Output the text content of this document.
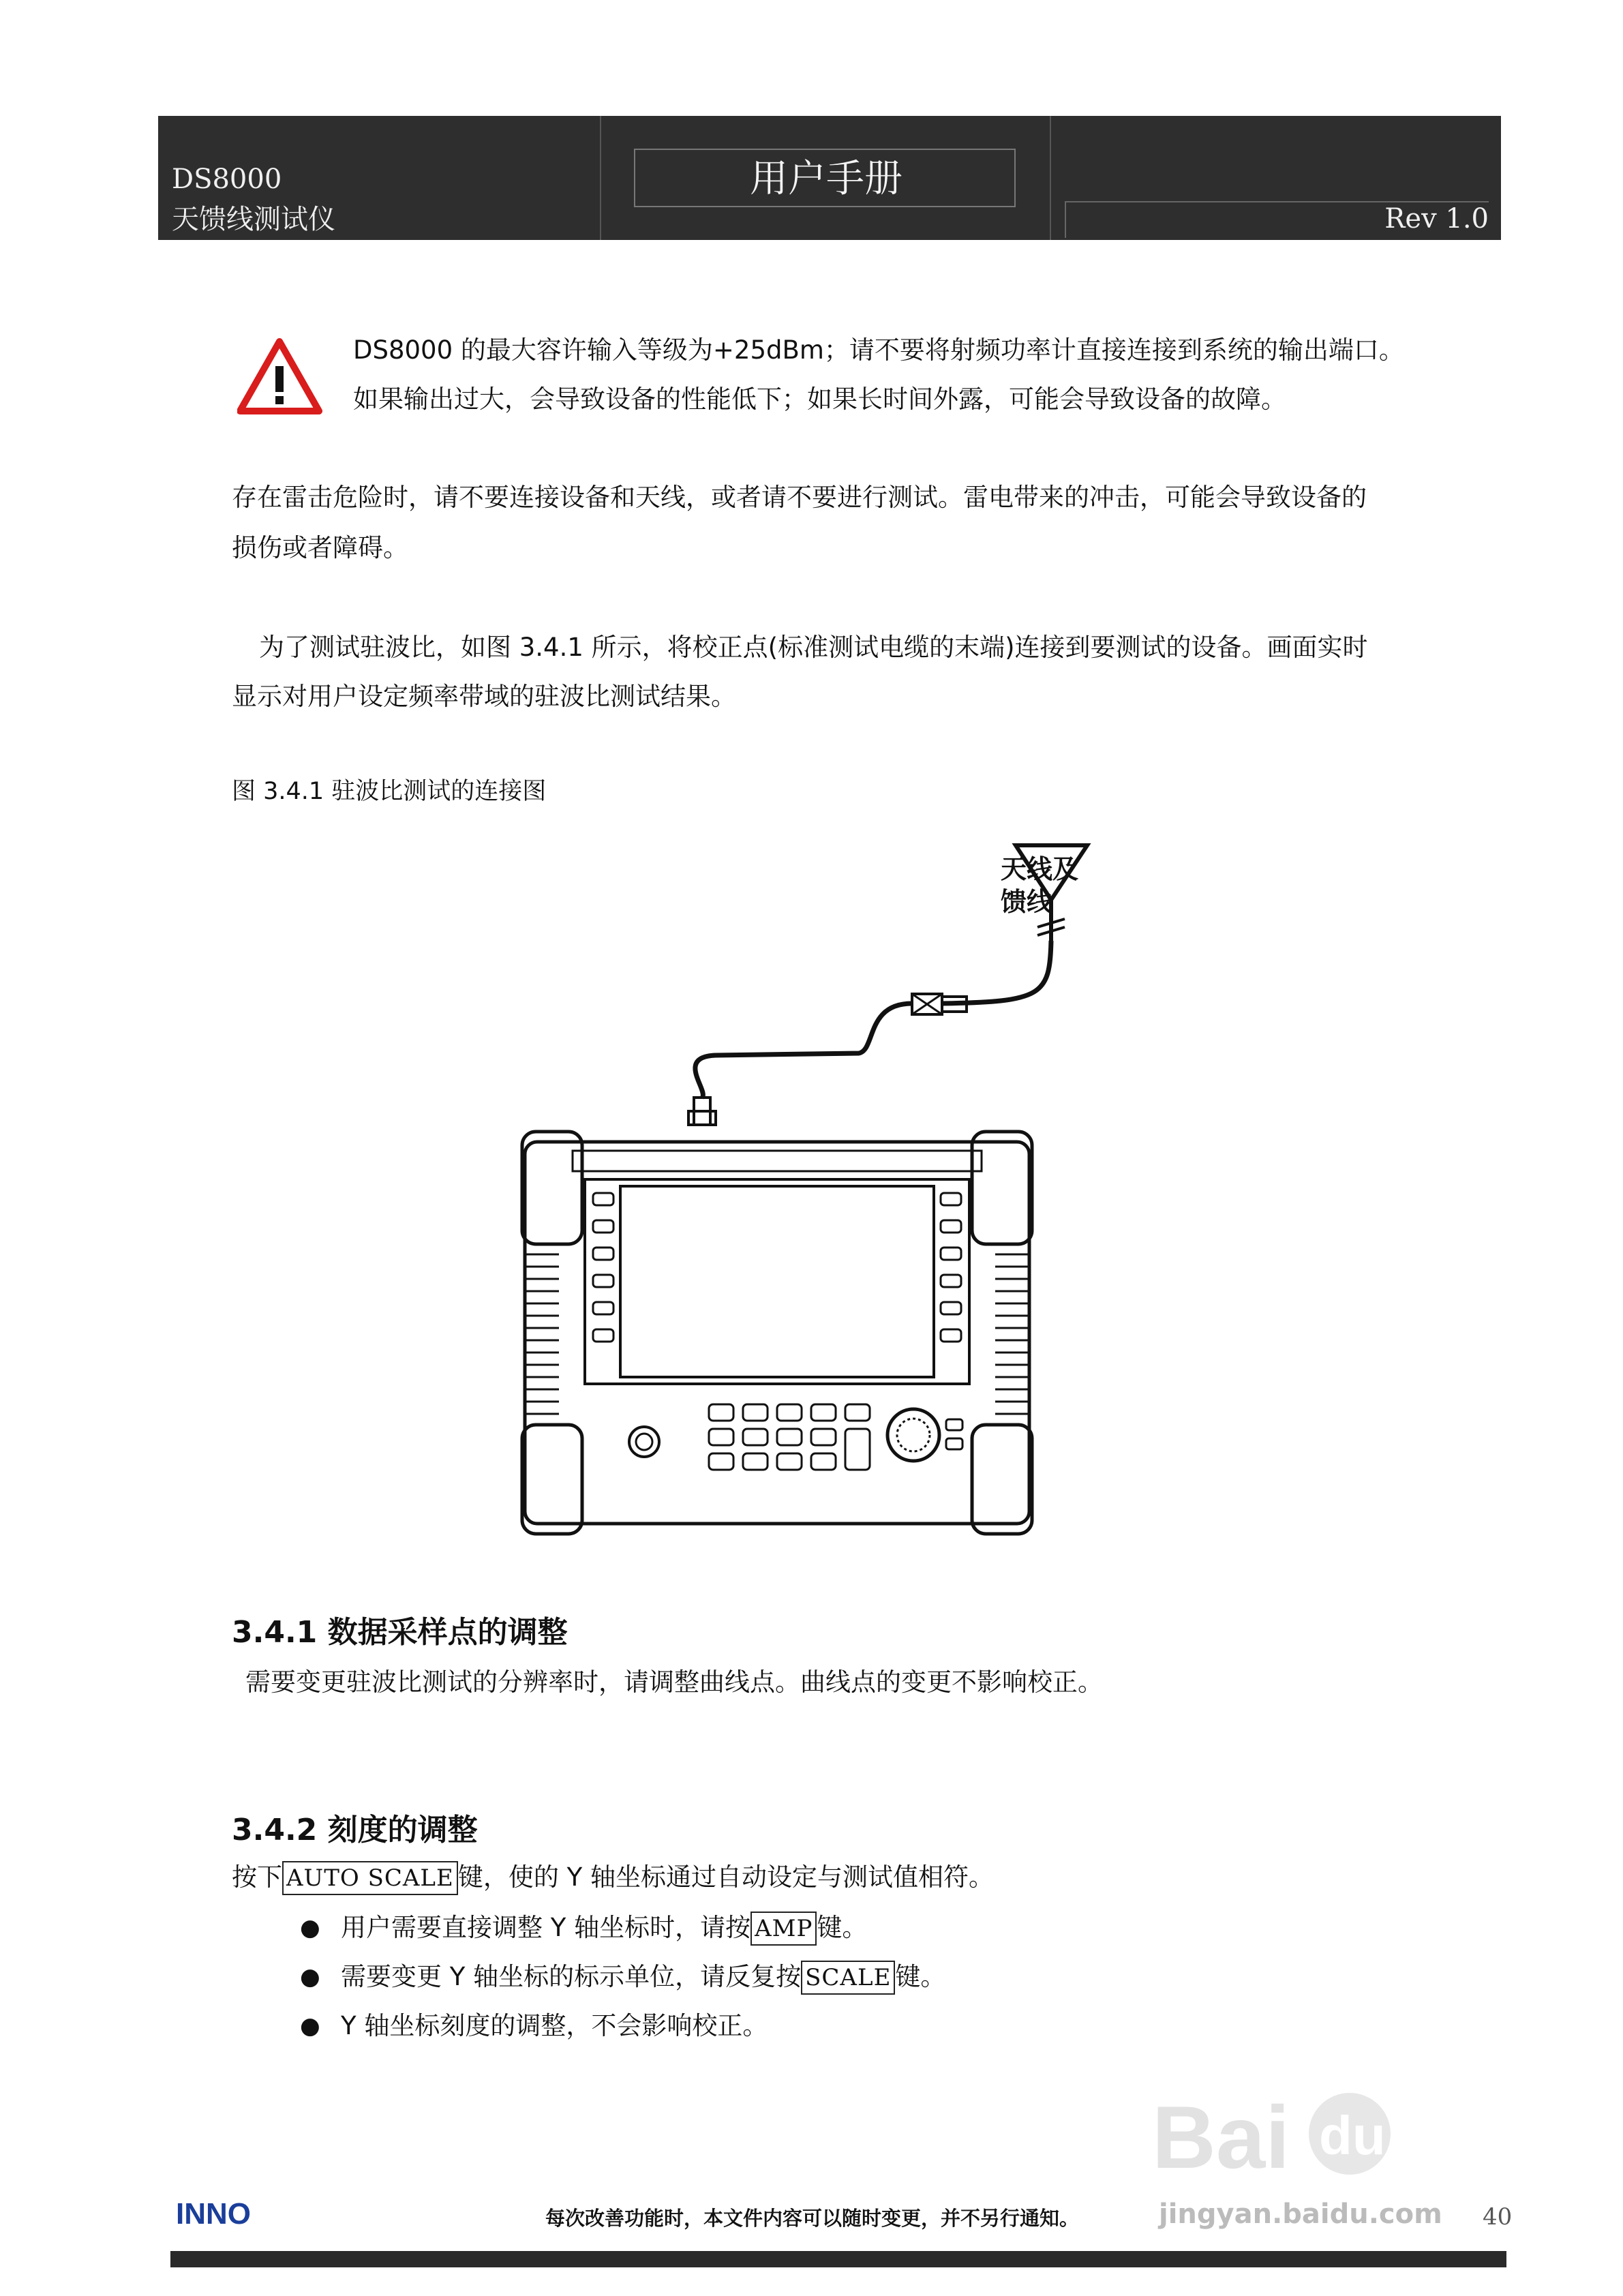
DS8000
天馈线测试仪
用户手册
Rev 1.0
DS8000 的最大容许输入等级为+25dBm；请不要将射频功率计直接连接到系统的输出端口。
如果输出过大，会导致设备的性能低下；如果长时间外露，可能会导致设备的故障。
存在雷击危险时，请不要连接设备和天线，或者请不要进行测试。雷电带来的冲击，可能会导致设备的
损伤或者障碍。
为了测试驻波比，如图 3.4.1 所示，将校正点(标准测试电缆的末端)连接到要测试的设备。画面实时
显示对用户设定频率带域的驻波比测试结果。
图 3.4.1 驻波比测试的连接图
天线及
馈线
3.4.1 数据采样点的调整
需要变更驻波比测试的分辨率时，请调整曲线点。曲线点的变更不影响校正。
3.4.2 刻度的调整
按下 AUTO SCALE 键，使的 Y 轴坐标通过自动设定与测试值相符。
● 用户需要直接调整 Y 轴坐标时，请按 AMP 键。
● 需要变更 Y 轴坐标的标示单位，请反复按 SCALE 键。
● Y 轴坐标刻度的调整，不会影响校正。
Bai du
jingyan.baidu.com
INNO	每次改善功能时，本文件内容可以随时变更，并不另行通知。	40
